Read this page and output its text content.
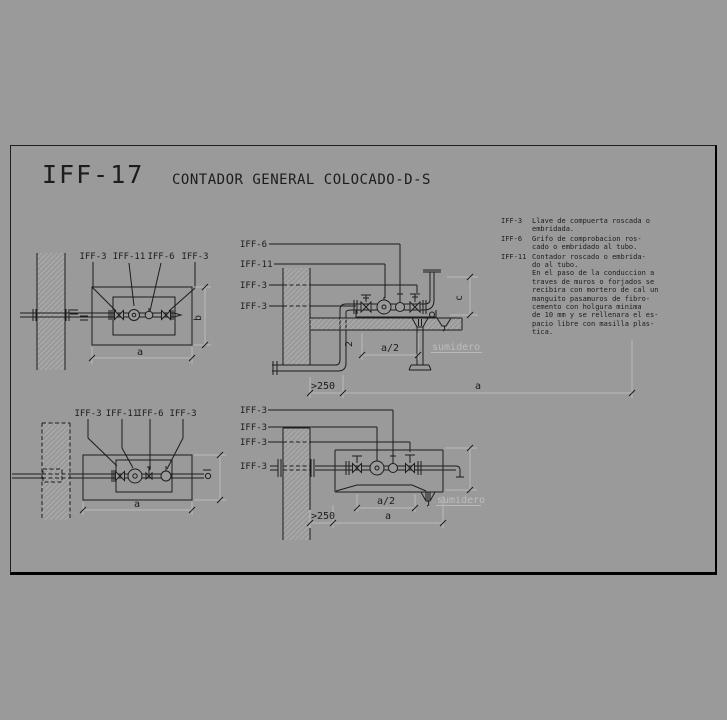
IFF-17 CONTADOR GENERAL COLOCADO-D-S
IFF-3	Llave de compuerta roscada o
embridada.
IFF-6	Grifo de comprobacion ros-
cado o embridado al tubo.
IFF-11 Contador roscado o embrida-
do al tubo.
En el paso de la conduccion a
traves de muros o forjados se
recibira con mortero de cal un
manguito pasamuros de fibro-
cemento con holgura minima
de 10 mm y se rellenara el es-
pacio libre con masilla plas-
tica.
IFF-3 IFF-11 IFF-6 IFF-3
a
b
IFF-3 IFF-11
IFF-6 IFF-3
a
IFF-6
IFF-11
IFF-3
IFF-3
a/2
>250	a
c
2	sumidero
IFF-3
IFF-3
IFF-3
IFF-3
a/2
>250	a
sumidero
